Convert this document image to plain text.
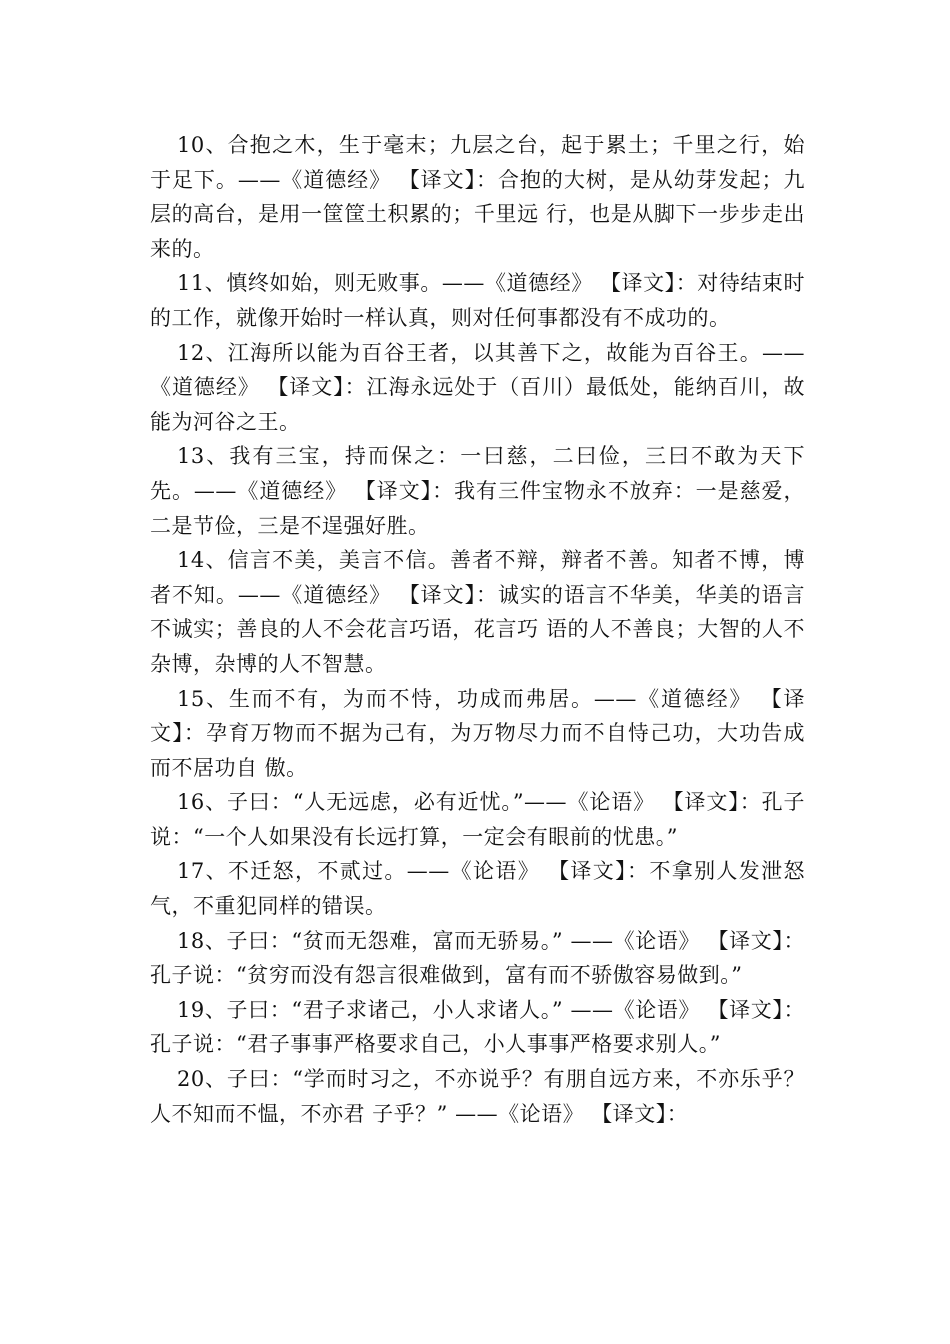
10、合抱之木，生于毫末；九层之台，起于累土；千里之行，始于足下。——《道德经》 【译文】：合抱的大树，是从幼芽发起；九层的高台，是用一筐筐土积累的；千里远 行，也是从脚下一步步走出来的。

11、慎终如始，则无败事。——《道德经》 【译文】：对待结束时的工作，就像开始时一样认真，则对任何事都没有不成功的。

12、江海所以能为百谷王者，以其善下之，故能为百谷王。——《道德经》 【译文】：江海永远处于（百川）最低处，能纳百川，故能为河谷之王。

13、我有三宝，持而保之：一曰慈，二曰俭，三曰不敢为天下先。——《道德经》 【译文】：我有三件宝物永不放弃：一是慈爱，二是节俭，三是不逞强好胜。

14、信言不美，美言不信。善者不辩，辩者不善。知者不博，博者不知。——《道德经》 【译文】：诚实的语言不华美，华美的语言不诚实；善良的人不会花言巧语，花言巧 语的人不善良；大智的人不杂博，杂博的人不智慧。

15、生而不有，为而不恃，功成而弗居。——《道德经》 【译文】：孕育万物而不据为己有，为万物尽力而不自恃己功，大功告成而不居功自 傲。

16、子曰：“人无远虑，必有近忧。”——《论语》 【译文】：孔子说：“一个人如果没有长远打算，一定会有眼前的忧患。”

17、不迁怒，不贰过。——《论语》 【译文】：不拿别人发泄怒气，不重犯同样的错误。

18、子曰：“贫而无怨难，富而无骄易。” ——《论语》 【译文】：孔子说：“贫穷而没有怨言很难做到，富有而不骄傲容易做到。”

19、子曰：“君子求诸己，小人求诸人。” ——《论语》 【译文】：孔子说：“君子事事严格要求自己，小人事事严格要求别人。”

20、子曰：“学而时习之，不亦说乎？有朋自远方来，不亦乐乎？人不知而不愠，不亦君 子乎？” ——《论语》 【译文】：
